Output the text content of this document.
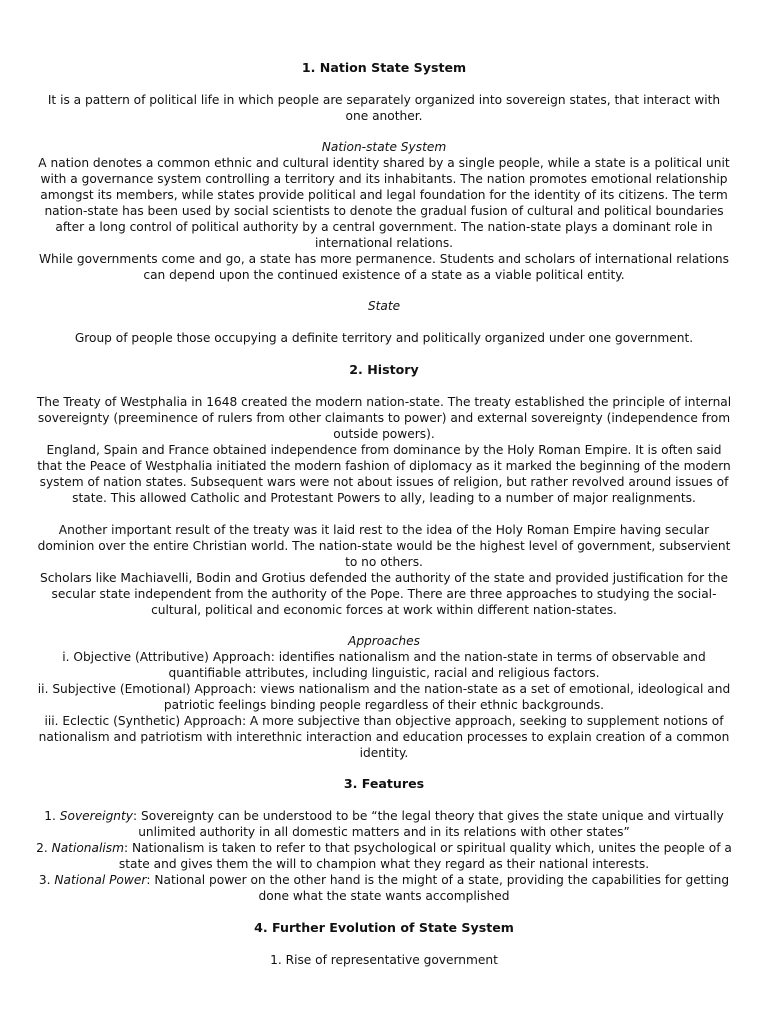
1. Nation State System

It is a pattern of political life in which people are separately organized into sovereign states, that interact with one another.

Nation-state System

A nation denotes a common ethnic and cultural identity shared by a single people, while a state is a political unit with a governance system controlling a territory and its inhabitants. The nation promotes emotional relationship amongst its members, while states provide political and legal foundation for the identity of its citizens. The term nation-state has been used by social scientists to denote the gradual fusion of cultural and political boundaries after a long control of political authority by a central government. The nation-state plays a dominant role in international relations.

While governments come and go, a state has more permanence. Students and scholars of international relations can depend upon the continued existence of a state as a viable political entity.

State

Group of people those occupying a definite territory and politically organized under one government.

2. History

The Treaty of Westphalia in 1648 created the modern nation-state. The treaty established the principle of internal sovereignty (preeminence of rulers from other claimants to power) and external sovereignty (independence from outside powers).

England, Spain and France obtained independence from dominance by the Holy Roman Empire. It is often said that the Peace of Westphalia initiated the modern fashion of diplomacy as it marked the beginning of the modern system of nation states. Subsequent wars were not about issues of religion, but rather revolved around issues of state. This allowed Catholic and Protestant Powers to ally, leading to a number of major realignments.

Another important result of the treaty was it laid rest to the idea of the Holy Roman Empire having secular dominion over the entire Christian world. The nation-state would be the highest level of government, subservient to no others.

Scholars like Machiavelli, Bodin and Grotius defended the authority of the state and provided justification for the secular state independent from the authority of the Pope. There are three approaches to studying the social-cultural, political and economic forces at work within different nation-states.

Approaches

i. Objective (Attributive) Approach: identifies nationalism and the nation-state in terms of observable and quantifiable attributes, including linguistic, racial and religious factors.

ii. Subjective (Emotional) Approach: views nationalism and the nation-state as a set of emotional, ideological and patriotic feelings binding people regardless of their ethnic backgrounds.

iii. Eclectic (Synthetic) Approach: A more subjective than objective approach, seeking to supplement notions of nationalism and patriotism with interethnic interaction and education processes to explain creation of a common identity.

3. Features

1. Sovereignty: Sovereignty can be understood to be “the legal theory that gives the state unique and virtually unlimited authority in all domestic matters and in its relations with other states”

2. Nationalism: Nationalism is taken to refer to that psychological or spiritual quality which, unites the people of a state and gives them the will to champion what they regard as their national interests.

3. National Power: National power on the other hand is the might of a state, providing the capabilities for getting done what the state wants accomplished

4. Further Evolution of State System

1. Rise of representative government
